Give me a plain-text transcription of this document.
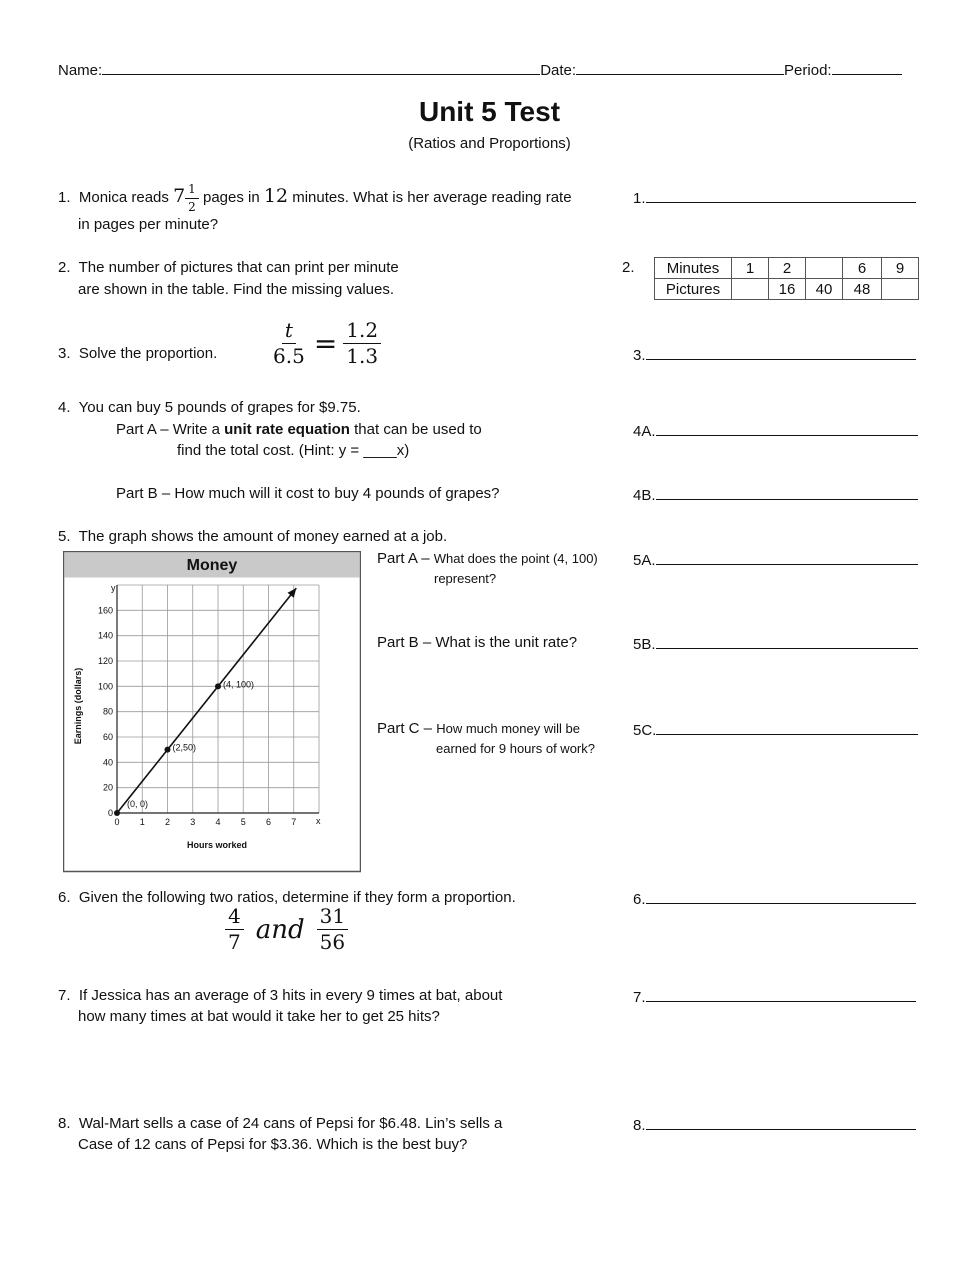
Name:	Date:	Period:
Unit 5 Test
(Ratios and Proportions)
1. Monica reads $7 \frac{1}{2}$ pages in 12 minutes. What is her average reading rate
in pages per minute?
1.
2. The number of pictures that can print per minute
are shown in the table. Find the missing values.
2. Minutes	1	2		6	9
Pictures		16	40	48	
3. Solve the proportion.	$\frac{t}{6.5} = \frac{1.2}{1.3}$	3.
4. You can buy 5 pounds of grapes for $9.75.
Part A – Write a unit rate equation that can be used to
find the total cost. (Hint: y = ____x)
4A.
Part B – How much will it cost to buy 4 pounds of grapes?	4B.
5. The graph shows the amount of money earned at a job.
Money
0 1 2 3 4 5 6 7
0
20
40
60
80
100
120
140
160
(0, 0)
(2,50)
(4, 100)
Hours worked
Earnings (dollars)
y
x
Part A – What does the point (4, 100)
represent?
5A.
Part B – What is the unit rate?	5B.
Part C – How much money will be
earned for 9 hours of work?
5C.
6. Given the following two ratios, determine if they form a proportion.
$\frac{4}{7}$ and $\frac{31}{56}$
6.
7. If Jessica has an average of 3 hits in every 9 times at bat, about
how many times at bat would it take her to get 25 hits?
7.
8. Wal-Mart sells a case of 24 cans of Pepsi for $6.48. Lin’s sells a
Case of 12 cans of Pepsi for $3.36. Which is the best buy?
8.
